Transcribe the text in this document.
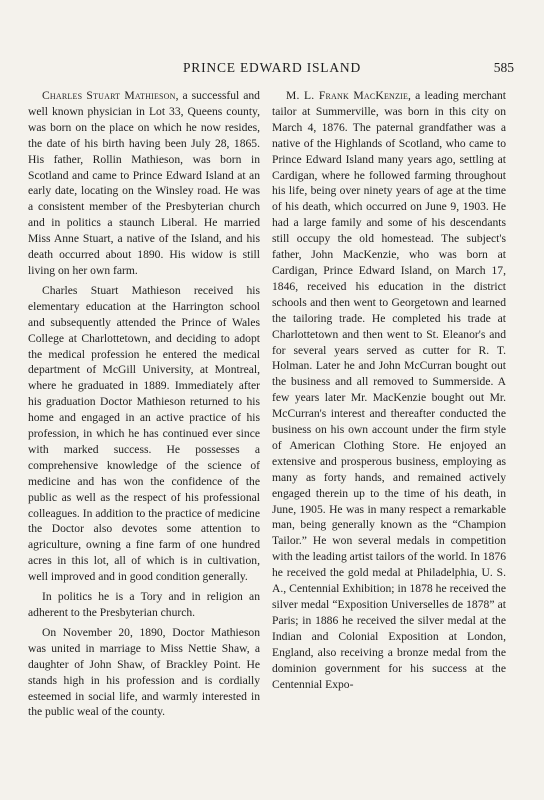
PRINCE EDWARD ISLAND	585

Charles Stuart Mathieson, a successful and well known physician in Lot 33, Queens county, was born on the place on which he now resides, the date of his birth having been July 28, 1865. His father, Rollin Mathieson, was born in Scotland and came to Prince Edward Island at an early date, locating on the Winsley road. He was a consistent member of the Presbyterian church and in politics a staunch Liberal. He married Miss Anne Stuart, a native of the Island, and his death occurred about 1890. His widow is still living on her own farm.

Charles Stuart Mathieson received his elementary education at the Harrington school and subsequently attended the Prince of Wales College at Charlottetown, and deciding to adopt the medical profession he entered the medical department of McGill University, at Montreal, where he graduated in 1889. Immediately after his graduation Doctor Mathieson returned to his home and engaged in an active practice of his profession, in which he has continued ever since with marked success. He possesses a comprehensive knowledge of the science of medicine and has won the confidence of the public as well as the respect of his professional colleagues. In addition to the practice of medicine the Doctor also devotes some attention to agriculture, owning a fine farm of one hundred acres in this lot, all of which is in cultivation, well improved and in good condition generally.

In politics he is a Tory and in religion an adherent to the Presbyterian church.

On November 20, 1890, Doctor Mathieson was united in marriage to Miss Nettie Shaw, a daughter of John Shaw, of Brackley Point. He stands high in his profession and is cordially esteemed in social life, and warmly interested in the public weal of the county.

M. L. Frank MacKenzie, a leading merchant tailor at Summerville, was born in this city on March 4, 1876. The paternal grandfather was a native of the Highlands of Scotland, who came to Prince Edward Island many years ago, settling at Cardigan, where he followed farming throughout his life, being over ninety years of age at the time of his death, which occurred on June 9, 1903. He had a large family and some of his descendants still occupy the old homestead. The subject's father, John MacKenzie, who was born at Cardigan, Prince Edward Island, on March 17, 1846, received his education in the district schools and then went to Georgetown and learned the tailoring trade. He completed his trade at Charlottetown and then went to St. Eleanor's and for several years served as cutter for R. T. Holman. Later he and John McCurran bought out the business and all removed to Summerside. A few years later Mr. MacKenzie bought out Mr. McCurran's interest and thereafter conducted the business on his own account under the firm style of American Clothing Store. He enjoyed an extensive and prosperous business, employing as many as forty hands, and remained actively engaged therein up to the time of his death, in June, 1905. He was in many respect a remarkable man, being generally known as the “Champion Tailor.” He won several medals in competition with the leading artist tailors of the world. In 1876 he received the gold medal at Philadelphia, U. S. A., Centennial Exhibition; in 1878 he received the silver medal “Exposition Universelles de 1878” at Paris; in 1886 he received the silver medal at the Indian and Colonial Exposition at London, England, also receiving a bronze medal from the dominion government for his success at the Centennial Expo-
